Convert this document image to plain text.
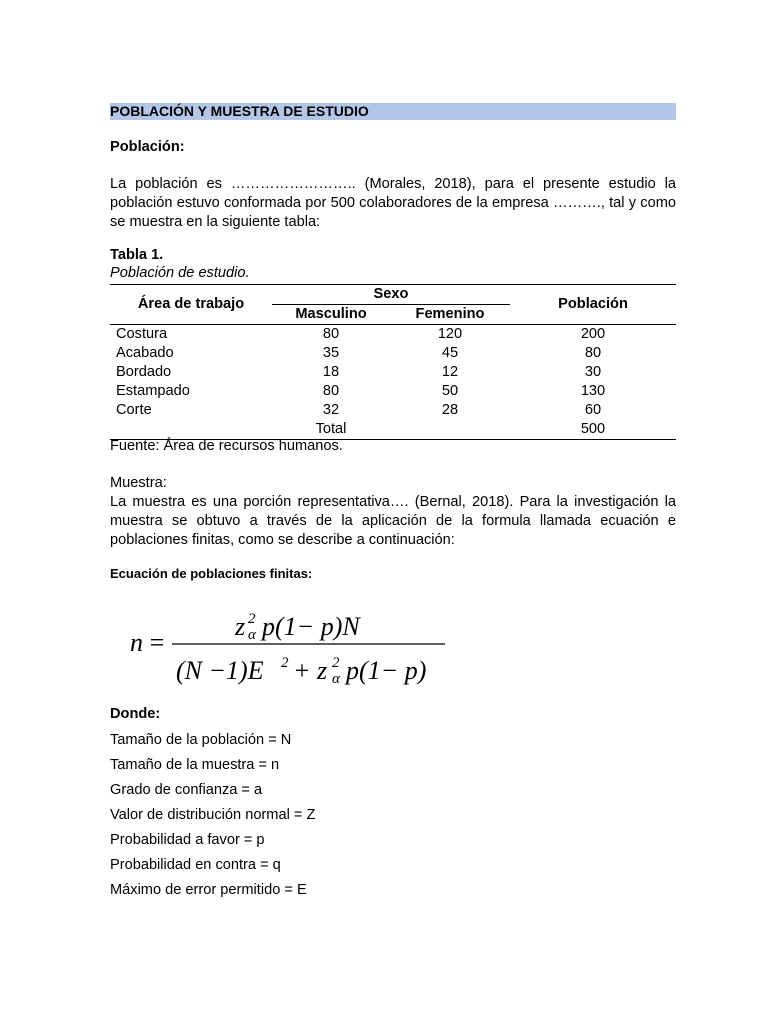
POBLACIÓN Y MUESTRA DE ESTUDIO
Población:
La población es …………………….. (Morales, 2018), para el presente estudio la población estuvo conformada por 500 colaboradores de la empresa ………., tal y como se muestra en la siguiente tabla:
Tabla 1.
Población de estudio.
Área de trabajo	Sexo		Población
	Masculino	Femenino	
Costura	80	120	200
Acabado	35	45	80
Bordado	18	12	30
Estampado	80	50	130
Corte	32	28	60
	Total		500
Fuente: Área de recursos humanos.
Muestra:
La muestra es una porción representativa…. (Bernal, 2018). Para la investigación la muestra se obtuvo a través de la aplicación de la formula llamada ecuación e poblaciones finitas, como se describe a continuación:
Ecuación de poblaciones finitas:
n =
z 2
α p(1− p)N
(N −1)E 2 + z 2
α p(1− p)
Donde:
Tamaño de la población = N
Tamaño de la muestra = n
Grado de confianza = a
Valor de distribución normal = Z
Probabilidad a favor = p
Probabilidad en contra = q
Máximo de error permitido = E
